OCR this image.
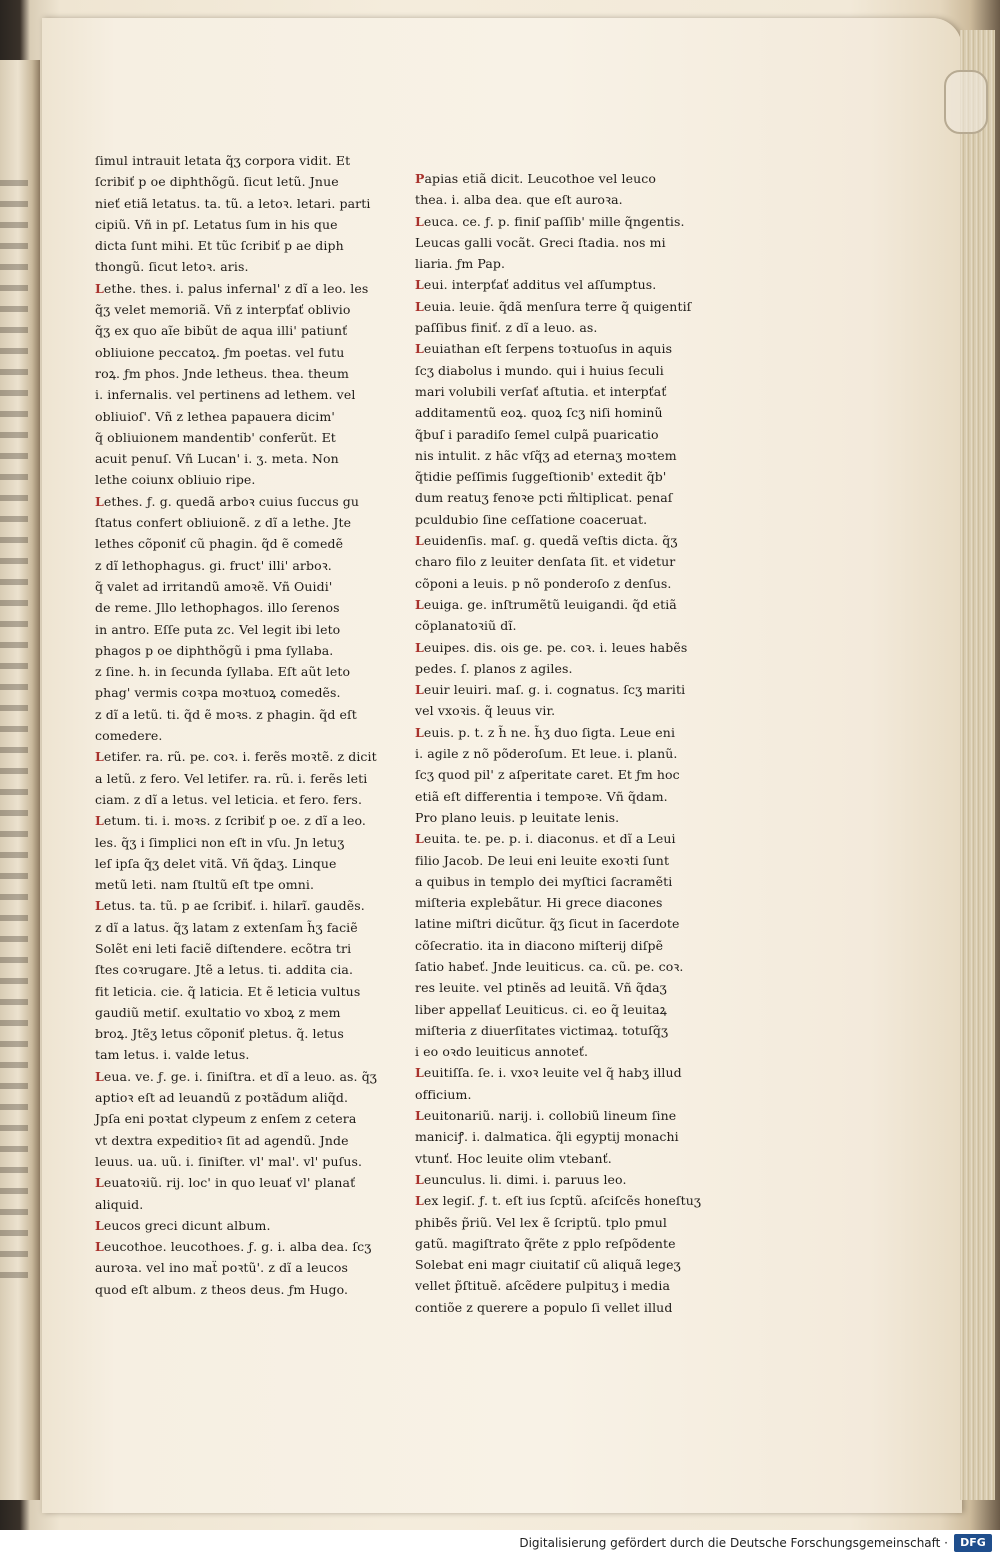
ſimul intrauit letata q̃ʒ corpora vidit. Et
ſcribiť p oe diphthõgũ. ſicut letũ. Jnue
nieť etiã letatus. ta. tũ. a letoꝛ. letari. parti
cipiũ. Vñ in pſ. Letatus ſum in his que
dicta ſunt mihi. Et tũc ſcribiť p ae diph
thongũ. ſicut letoꝛ. aris.
Lethe. thes. i. palus infernal' z dĩ a leo. les
q̃ʒ velet memoriã. Vñ z interpťať oblivio
q̃ʒ ex quo aĩe bibũt de aqua illi' patiunť
obliuione peccatoꝝ. ƒm poetas. vel futu
roꝝ. ƒm phos. Jnde letheus. thea. theum
i. infernalis. vel pertinens ad lethem. vel
obliuioſ'. Vñ z lethea papauera dicim'
q̃ obliuionem mandentib' conferũt. Et
acuit penuſ. Vñ Lucan' i. ʒ. meta. Non
lethe coiunx obliuio ripe.
Lethes. ƒ. g. quedã arboꝛ cuius ſuccus gu
ſtatus confert obliuionẽ. z dĩ a lethe. Jte
lethes cõponiť cũ phagin. q̃d ẽ comedẽ
z dĩ lethophagus. gi. fruct' illi' arboꝛ.
q̃ valet ad irritandũ amoꝛẽ. Vñ Ouidi'
de reme. Jllo lethophagos. illo ſerenos
in antro. Eſſe puta zc. Vel legit ibi leto
phagos p oe diphthõgũ i pma ſyllaba.
z ſine. h. in ſecunda ſyllaba. Eſt aũt leto
phag' vermis coꝛpa moꝛtuoꝝ comedẽs.
z dĩ a letũ. ti. q̃d ẽ moꝛs. z phagin. q̃d eſt
comedere.
Letifer. ra. rũ. pe. coꝛ. i. ferẽs moꝛtẽ. z dicit
a letũ. z fero. Vel letifer. ra. rũ. i. ferẽs leti
ciam. z dĩ a letus. vel leticia. et fero. fers.
Letum. ti. i. moꝛs. z ſcribiť p oe. z dĩ a leo.
les. q̃ʒ i ſimplici non eſt in vſu. Jn letuʒ
leſ ipſa q̃ʒ delet vitã. Vñ q̃daʒ. Linque
metũ leti. nam ſtultũ eſt tpe omni.
Letus. ta. tũ. p ae ſcribiť. i. hilarĩ. gaudẽs.
z dĩ a latus. q̃ʒ latam z extenſam h̃ʒ faciẽ
Solẽt eni leti faciẽ diſtendere. ecõtra tri
ſtes coꝛrugare. Jtẽ a letus. ti. addita cia.
fit leticia. cie. q̃ laticia. Et ẽ leticia vultus
gaudiũ metiſ. exultatio vo xboꝝ z mem
broꝝ. Jtẽʒ letus cõponiť pletus. q̃. letus
tam letus. i. valde letus.
Leua. ve. ƒ. ge. i. ſiniſtra. et dĩ a leuo. as. q̃ʒ
aptioꝛ eſt ad leuandũ z poꝛtãdum aliq̃d.
Jpſa eni poꝛtat clypeum z enſem z cetera
vt dextra expeditioꝛ ſit ad agendũ. Jnde
leuus. ua. uũ. i. ſiniſter. vl' mal'. vl' puſus.
Leuatoꝛiũ. rij. loc' in quo leuať vl' planať
aliquid.
Leucos greci dicunt album.
Leucothoe. leucothoes. ƒ. g. i. alba dea. ſcʒ
auroꝛa. vel ino maẗ poꝛtũ'. z dĩ a leucos
quod eſt album. z theos deus. ƒm Hugo.
Papias etiã dicit. Leucothoe vel leuco
thea. i. alba dea. que eſt auroꝛa.
Leuca. ce. ƒ. p. finiſ paſſib' mille q̃ngentis.
Leucas galli vocãt. Greci ſtadia. nos mi
liaria. ƒm Pap.
Leui. interpťať additus vel aſſumptus.
Leuia. leuie. q̃dã menſura terre q̃ quigentiſ
paſſibus finiť. z dĩ a leuo. as.
Leuiathan eſt ſerpens toꝛtuoſus in aquis
ſcʒ diabolus i mundo. qui i huius ſeculi
mari volubili verſať aſtutia. et interpťať
additamentũ eoꝝ. quoꝝ ſcʒ niſi hominũ
q̃buſ i paradiſo ſemel culpã puaricatio
nis intulit. z hãc vſq̃ʒ ad eternaʒ moꝛtem
q̃tidie peſſimis ſuggeſtionib' extedit q̃b'
dum reatuʒ fenoꝛe pcti m̃ltiplicat. penaſ
pculdubio ſine ceſſatione coaceruat.
Leuidenſis. maſ. g. quedã veſtis dicta. q̃ʒ
charo filo z leuiter denſata ſit. et videtur
cõponi a leuis. p nõ ponderoſo z denſus.
Leuiga. ge. inſtrumẽtũ leuigandi. q̃d etiã
cõplanatoꝛiũ dĩ.
Leuipes. dis. ois ge. pe. coꝛ. i. leues habẽs
pedes. ſ. planos z agiles.
Leuir leuiri. maſ. g. i. cognatus. ſcʒ mariti
vel vxoꝛis. q̃ leuus vir.
Leuis. p. t. z h̃ ne. h̃ʒ duo ſigta. Leue eni
i. agile z nõ põderoſum. Et leue. i. planũ.
ſcʒ quod pil' z aſperitate caret. Et ƒm hoc
etiã eſt differentia i tempoꝛe. Vñ q̃dam.
Pro plano leuis. p leuitate lenis.
Leuita. te. pe. p. i. diaconus. et dĩ a Leui
filio Jacob. De leui eni leuite exoꝛti ſunt
a quibus in templo dei myſtici ſacramẽti
miſteria explebãtur. Hi grece diacones
latine miſtri dicũtur. q̃ʒ ſicut in ſacerdote
cõſecratio. ita in diacono miſterij diſpẽ
ſatio habeť. Jnde leuiticus. ca. cũ. pe. coꝛ.
res leuite. vel ptinẽs ad leuitã. Vñ q̃daʒ
liber appellať Leuiticus. ci. eo q̃ leuitaꝝ
miſteria z diuerſitates victimaꝝ. totuſq̃ʒ
i eo oꝛdo leuiticus annoteť.
Leuitiſſa. ſe. i. vxoꝛ leuite vel q̃ habʒ illud
officium.
Leuitonariũ. narij. i. collobiũ lineum ſine
maniciꝭ. i. dalmatica. q̃li egyptij monachi
vtunť. Hoc leuite olim vtebanť.
Leunculus. li. dimi. i. paruus leo.
Lex legiſ. ƒ. t. eſt ius ſcptũ. aſciſcẽs honeſtuʒ
phibẽs p̃riũ. Vel lex ẽ ſcriptũ. tplo pmul
gatũ. magiſtrato q̃rẽte z pplo reſpõdente
Solebat eni magr ciuitatiſ cũ aliquã legeʒ
vellet p̃ſtituẽ. aſcẽdere pulpituʒ i media
contiõe z querere a populo ſi vellet illud
Digitalisierung gefördert durch die Deutsche Forschungsgemeinschaft ·	DFG
